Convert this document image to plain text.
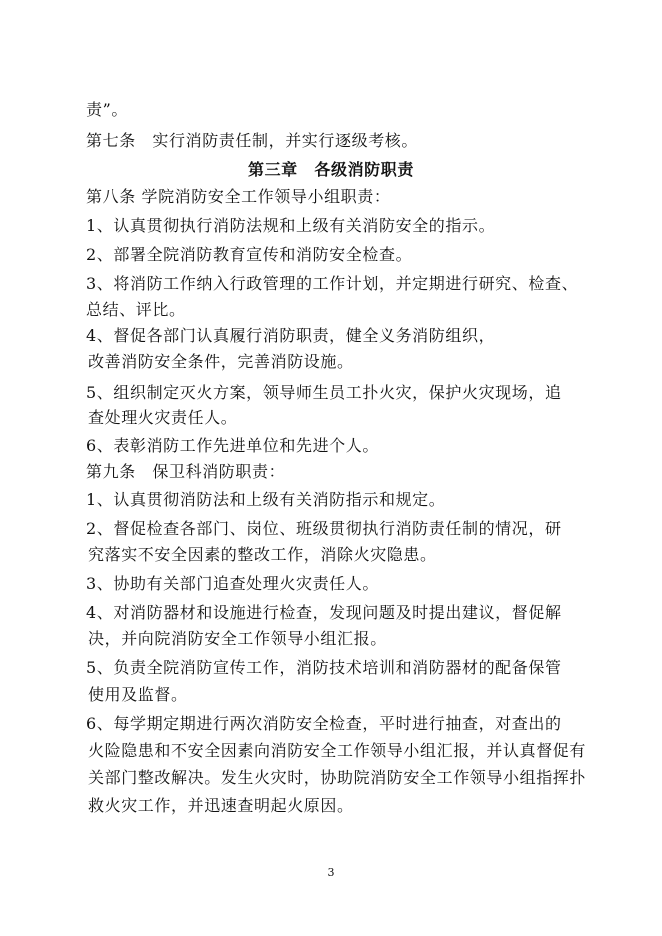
责”。
第七条　实行消防责任制，并实行逐级考核。
第三章　各级消防职责
第八条 学院消防安全工作领导小组职责：
1、认真贯彻执行消防法规和上级有关消防安全的指示。
2、部署全院消防教育宣传和消防安全检查。
3、将消防工作纳入行政管理的工作计划，并定期进行研究、检查、
总结、评比。
4、督促各部门认真履行消防职责，健全义务消防组织，
改善消防安全条件，完善消防设施。
5、组织制定灭火方案，领导师生员工扑火灾，保护火灾现场，追
查处理火灾责任人。
6、表彰消防工作先进单位和先进个人。
第九条　保卫科消防职责：
1、认真贯彻消防法和上级有关消防指示和规定。
2、督促检查各部门、岗位、班级贯彻执行消防责任制的情况，研
究落实不安全因素的整改工作，消除火灾隐患。
3、协助有关部门追查处理火灾责任人。
4、对消防器材和设施进行检查，发现问题及时提出建议，督促解
决，并向院消防安全工作领导小组汇报。
5、负责全院消防宣传工作，消防技术培训和消防器材的配备保管
使用及监督。
6、每学期定期进行两次消防安全检查，平时进行抽查，对查出的
火险隐患和不安全因素向消防安全工作领导小组汇报，并认真督促有
关部门整改解决。发生火灾时，协助院消防安全工作领导小组指挥扑
救火灾工作，并迅速查明起火原因。
3
